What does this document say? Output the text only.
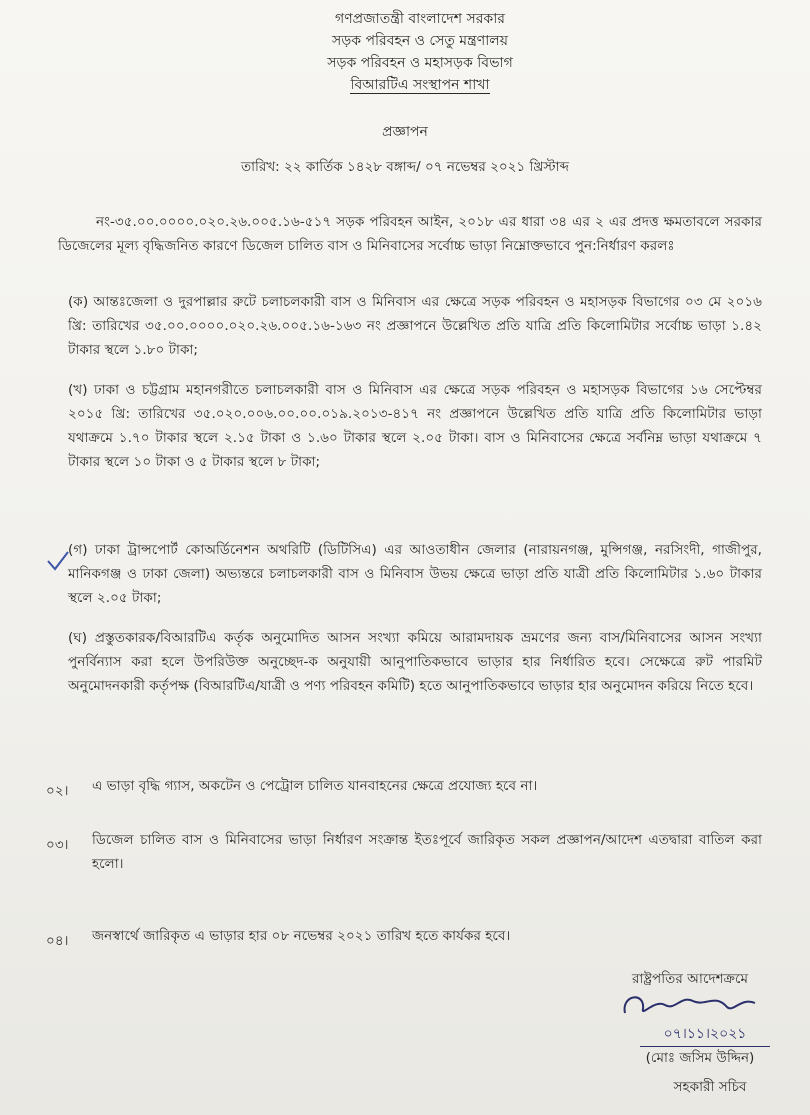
গণপ্রজাতন্ত্রী বাংলাদেশ সরকার

সড়ক পরিবহন ও সেতু মন্ত্রণালয়

সড়ক পরিবহন ও মহাসড়ক বিভাগ

বিআরটিএ সংস্থাপন শাখা

প্রজ্ঞাপন
তারিখ: ২২ কার্তিক ১৪২৮ বঙ্গাব্দ/ ০৭ নভেম্বর ২০২১ খ্রিস্টাব্দ

নং-৩৫.০০.০০০০.০২০.২৬.০০৫.১৬-৫১৭ সড়ক পরিবহন আইন, ২০১৮ এর ধারা ৩৪ এর ২ এর প্রদত্ত ক্ষমতাবলে সরকার ডিজেলের মূল্য বৃদ্ধিজনিত কারণে ডিজেল চালিত বাস ও মিনিবাসের সর্বোচ্চ ভাড়া নিম্নোক্তভাবে পুন:নির্ধারণ করলঃ

(ক) আন্তঃজেলা ও দুরপাল্লার রুটে চলাচলকারী বাস ও মিনিবাস এর ক্ষেত্রে সড়ক পরিবহন ও মহাসড়ক বিভাগের ০৩ মে ২০১৬ খ্রি: তারিখের ৩৫.০০.০০০০.০২০.২৬.০০৫.১৬-১৬৩ নং প্রজ্ঞাপনে উল্লেখিত প্রতি যাত্রি প্রতি কিলোমিটার সর্বোচ্চ ভাড়া ১.৪২ টাকার স্থলে ১.৮০ টাকা;

(খ) ঢাকা ও চট্টগ্রাম মহানগরীতে চলাচলকারী বাস ও মিনিবাস এর ক্ষেত্রে সড়ক পরিবহন ও মহাসড়ক বিভাগের ১৬ সেপ্টেম্বর ২০১৫ খ্রি: তারিখের ৩৫.০২০.০০৬.০০.০০.০১৯.২০১৩-৪১৭ নং প্রজ্ঞাপনে উল্লেখিত প্রতি যাত্রি প্রতি কিলোমিটার ভাড়া যথাক্রমে ১.৭০ টাকার স্থলে ২.১৫ টাকা ও ১.৬০ টাকার স্থলে ২.০৫ টাকা। বাস ও মিনিবাসের ক্ষেত্রে সর্বনিম্ন ভাড়া যথাক্রমে ৭ টাকার স্থলে ১০ টাকা ও ৫ টাকার স্থলে ৮ টাকা;

(গ) ঢাকা ট্রান্সপোর্ট কোঅর্ডিনেশন অথরিটি (ডিটিসিএ) এর আওতাধীন জেলার (নারায়নগঞ্জ, মুন্সিগঞ্জ, নরসিংদী, গাজীপুর, মানিকগঞ্জ ও ঢাকা জেলা) অভ্যন্তরে চলাচলকারী বাস ও মিনিবাস উভয় ক্ষেত্রে ভাড়া প্রতি যাত্রী প্রতি কিলোমিটার ১.৬০ টাকার স্থলে ২.০৫ টাকা;

(ঘ) প্রস্তুতকারক/বিআরটিএ কর্তৃক অনুমোদিত আসন সংখ্যা কমিয়ে আরামদায়ক ভ্রমণের জন্য বাস/মিনিবাসের আসন সংখ্যা পুনর্বিন্যাস করা হলে উপরিউক্ত অনুচ্ছেদ-ক অনুযায়ী আনুপাতিকভাবে ভাড়ার হার নির্ধারিত হবে। সেক্ষেত্রে রুট পারমিট অনুমোদনকারী কর্তৃপক্ষ (বিআরটিএ/যাত্রী ও পণ্য পরিবহন কমিটি) হতে আনুপাতিকভাবে ভাড়ার হার অনুমোদন করিয়ে নিতে হবে।

০২। এ ভাড়া বৃদ্ধি গ্যাস, অকটেন ও পেট্রোল চালিত যানবাহনের ক্ষেত্রে প্রযোজ্য হবে না।

০৩। ডিজেল চালিত বাস ও মিনিবাসের ভাড়া নির্ধারণ সংক্রান্ত ইতঃপূর্বে জারিকৃত সকল প্রজ্ঞাপন/আদেশ এতদ্বারা বাতিল করা হলো।

০৪। জনস্বার্থে জারিকৃত এ ভাড়ার হার ০৮ নভেম্বর ২০২১ তারিখ হতে কার্যকর হবে।

রাষ্ট্রপতির আদেশক্রমে
০৭।১১।২০২১
(মোঃ জসিম উদ্দিন)
সহকারী সচিব
